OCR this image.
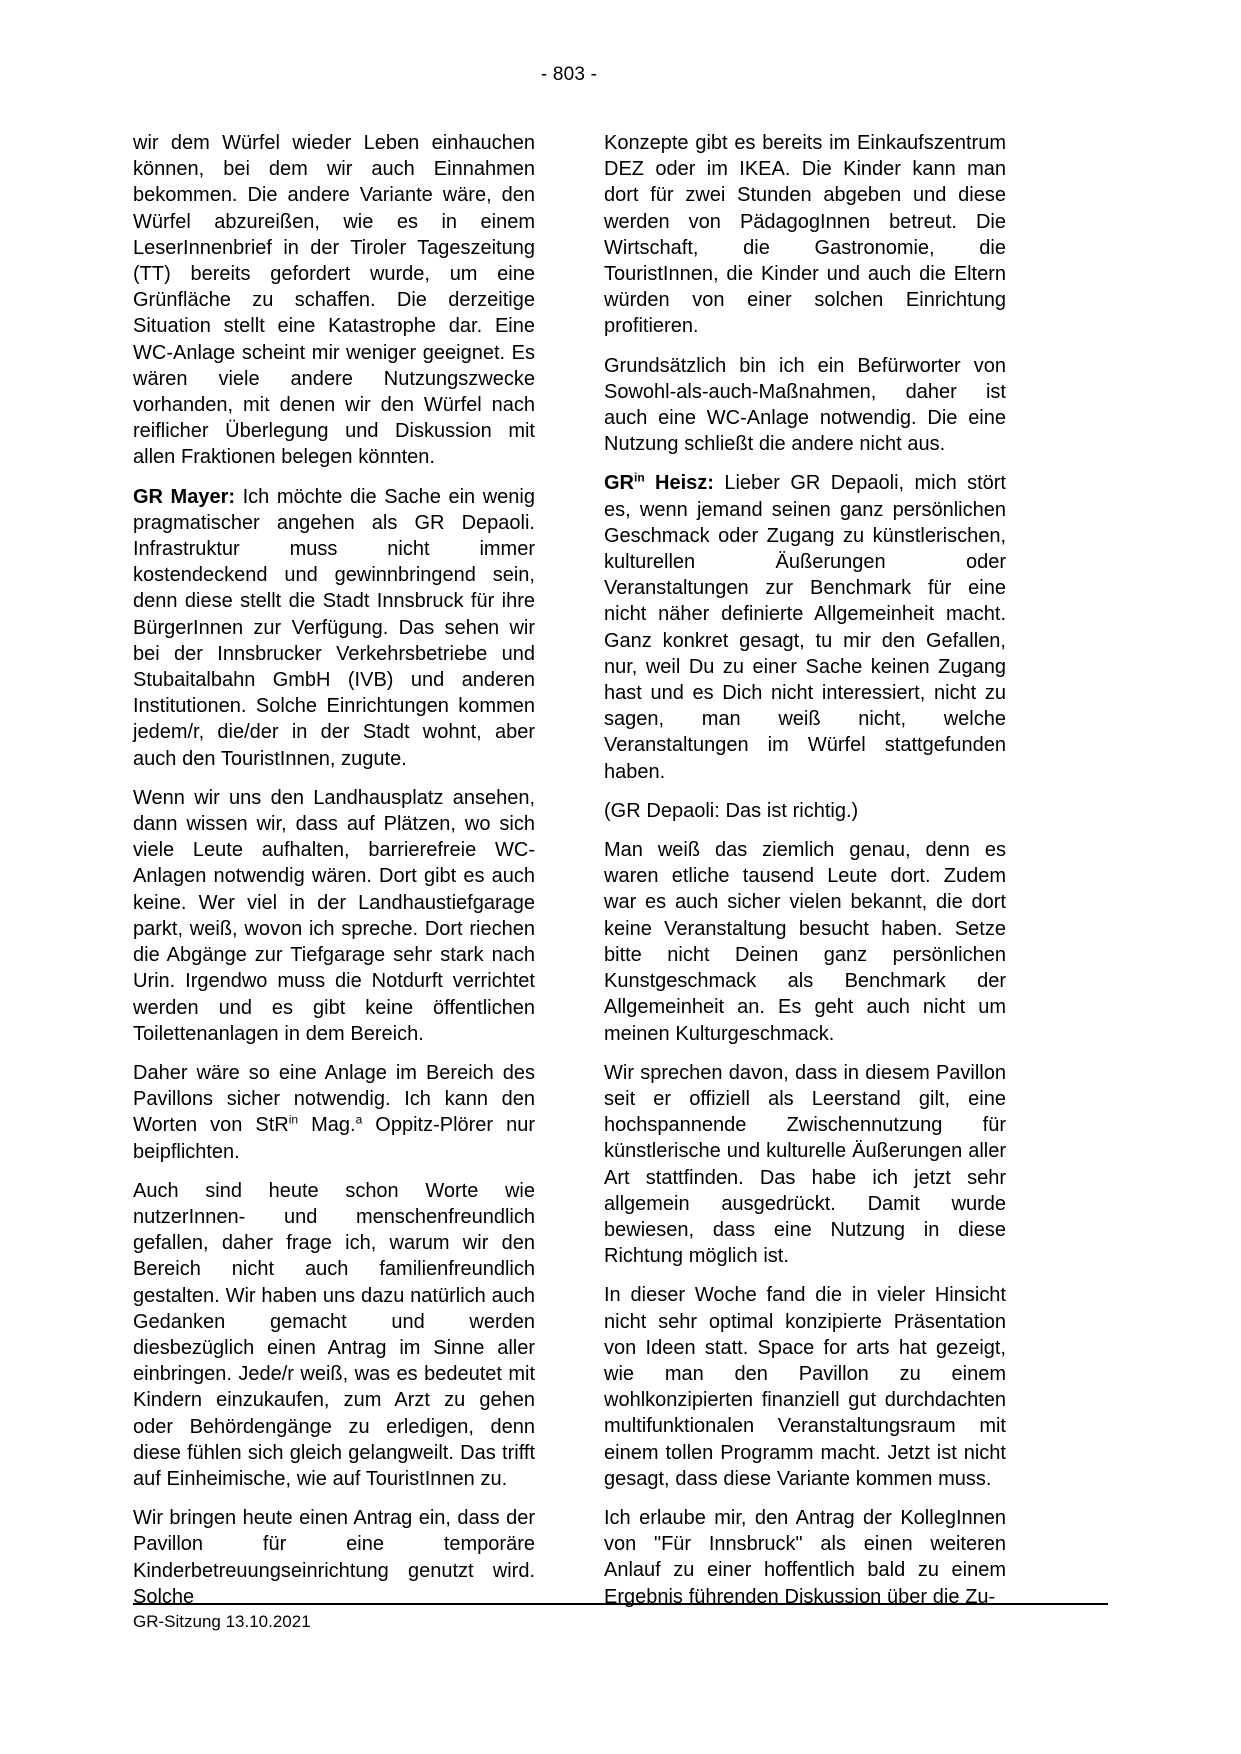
- 803 -

wir dem Würfel wieder Leben einhauchen können, bei dem wir auch Einnahmen bekommen. Die andere Variante wäre, den Würfel abzureißen, wie es in einem LeserInnenbrief in der Tiroler Tageszeitung (TT) bereits gefordert wurde, um eine Grünfläche zu schaffen. Die derzeitige Situation stellt eine Katastrophe dar. Eine WC-Anlage scheint mir weniger geeignet. Es wären viele andere Nutzungszwecke vorhanden, mit denen wir den Würfel nach reiflicher Überlegung und Diskussion mit allen Fraktionen belegen könnten.

GR Mayer: Ich möchte die Sache ein wenig pragmatischer angehen als GR Depaoli. Infrastruktur muss nicht immer kostendeckend und gewinnbringend sein, denn diese stellt die Stadt Innsbruck für ihre BürgerInnen zur Verfügung. Das sehen wir bei der Innsbrucker Verkehrsbetriebe und Stubaitalbahn GmbH (IVB) und anderen Institutionen. Solche Einrichtungen kommen jedem/r, die/der in der Stadt wohnt, aber auch den TouristInnen, zugute.

Wenn wir uns den Landhausplatz ansehen, dann wissen wir, dass auf Plätzen, wo sich viele Leute aufhalten, barrierefreie WC-Anlagen notwendig wären. Dort gibt es auch keine. Wer viel in der Landhaustiefgarage parkt, weiß, wovon ich spreche. Dort riechen die Abgänge zur Tiefgarage sehr stark nach Urin. Irgendwo muss die Notdurft verrichtet werden und es gibt keine öffentlichen Toilettenanlagen in dem Bereich.

Daher wäre so eine Anlage im Bereich des Pavillons sicher notwendig. Ich kann den Worten von StR$^{in}$ Mag.$^a$ Oppitz-Plörer nur beipflichten.

Auch sind heute schon Worte wie nutzerInnen- und menschenfreundlich gefallen, daher frage ich, warum wir den Bereich nicht auch familienfreundlich gestalten. Wir haben uns dazu natürlich auch Gedanken gemacht und werden diesbezüglich einen Antrag im Sinne aller einbringen. Jede/r weiß, was es bedeutet mit Kindern einzukaufen, zum Arzt zu gehen oder Behördengänge zu erledigen, denn diese fühlen sich gleich gelangweilt. Das trifft auf Einheimische, wie auf TouristInnen zu.

Wir bringen heute einen Antrag ein, dass der Pavillon für eine temporäre Kinderbetreuungseinrichtung genutzt wird. Solche

Konzepte gibt es bereits im Einkaufszentrum DEZ oder im IKEA. Die Kinder kann man dort für zwei Stunden abgeben und diese werden von PädagogInnen betreut. Die Wirtschaft, die Gastronomie, die TouristInnen, die Kinder und auch die Eltern würden von einer solchen Einrichtung profitieren.

Grundsätzlich bin ich ein Befürworter von Sowohl-als-auch-Maßnahmen, daher ist auch eine WC-Anlage notwendig. Die eine Nutzung schließt die andere nicht aus.

$GR^{in}$ Heisz: Lieber GR Depaoli, mich stört es, wenn jemand seinen ganz persönlichen Geschmack oder Zugang zu künstlerischen, kulturellen Äußerungen oder Veranstaltungen zur Benchmark für eine nicht näher definierte Allgemeinheit macht. Ganz konkret gesagt, tu mir den Gefallen, nur, weil Du zu einer Sache keinen Zugang hast und es Dich nicht interessiert, nicht zu sagen, man weiß nicht, welche Veranstaltungen im Würfel stattgefunden haben.

(GR Depaoli: Das ist richtig.)

Man weiß das ziemlich genau, denn es waren etliche tausend Leute dort. Zudem war es auch sicher vielen bekannt, die dort keine Veranstaltung besucht haben. Setze bitte nicht Deinen ganz persönlichen Kunstgeschmack als Benchmark der Allgemeinheit an. Es geht auch nicht um meinen Kulturgeschmack.

Wir sprechen davon, dass in diesem Pavillon seit er offiziell als Leerstand gilt, eine hochspannende Zwischennutzung für künstlerische und kulturelle Äußerungen aller Art stattfinden. Das habe ich jetzt sehr allgemein ausgedrückt. Damit wurde bewiesen, dass eine Nutzung in diese Richtung möglich ist.

In dieser Woche fand die in vieler Hinsicht nicht sehr optimal konzipierte Präsentation von Ideen statt. Space for arts hat gezeigt, wie man den Pavillon zu einem wohlkonzipierten finanziell gut durchdachten multifunktionalen Veranstaltungsraum mit einem tollen Programm macht. Jetzt ist nicht gesagt, dass diese Variante kommen muss.

Ich erlaube mir, den Antrag der KollegInnen von "Für Innsbruck" als einen weiteren Anlauf zu einer hoffentlich bald zu einem Ergebnis führenden Diskussion über die Zu-

GR-Sitzung 13.10.2021
